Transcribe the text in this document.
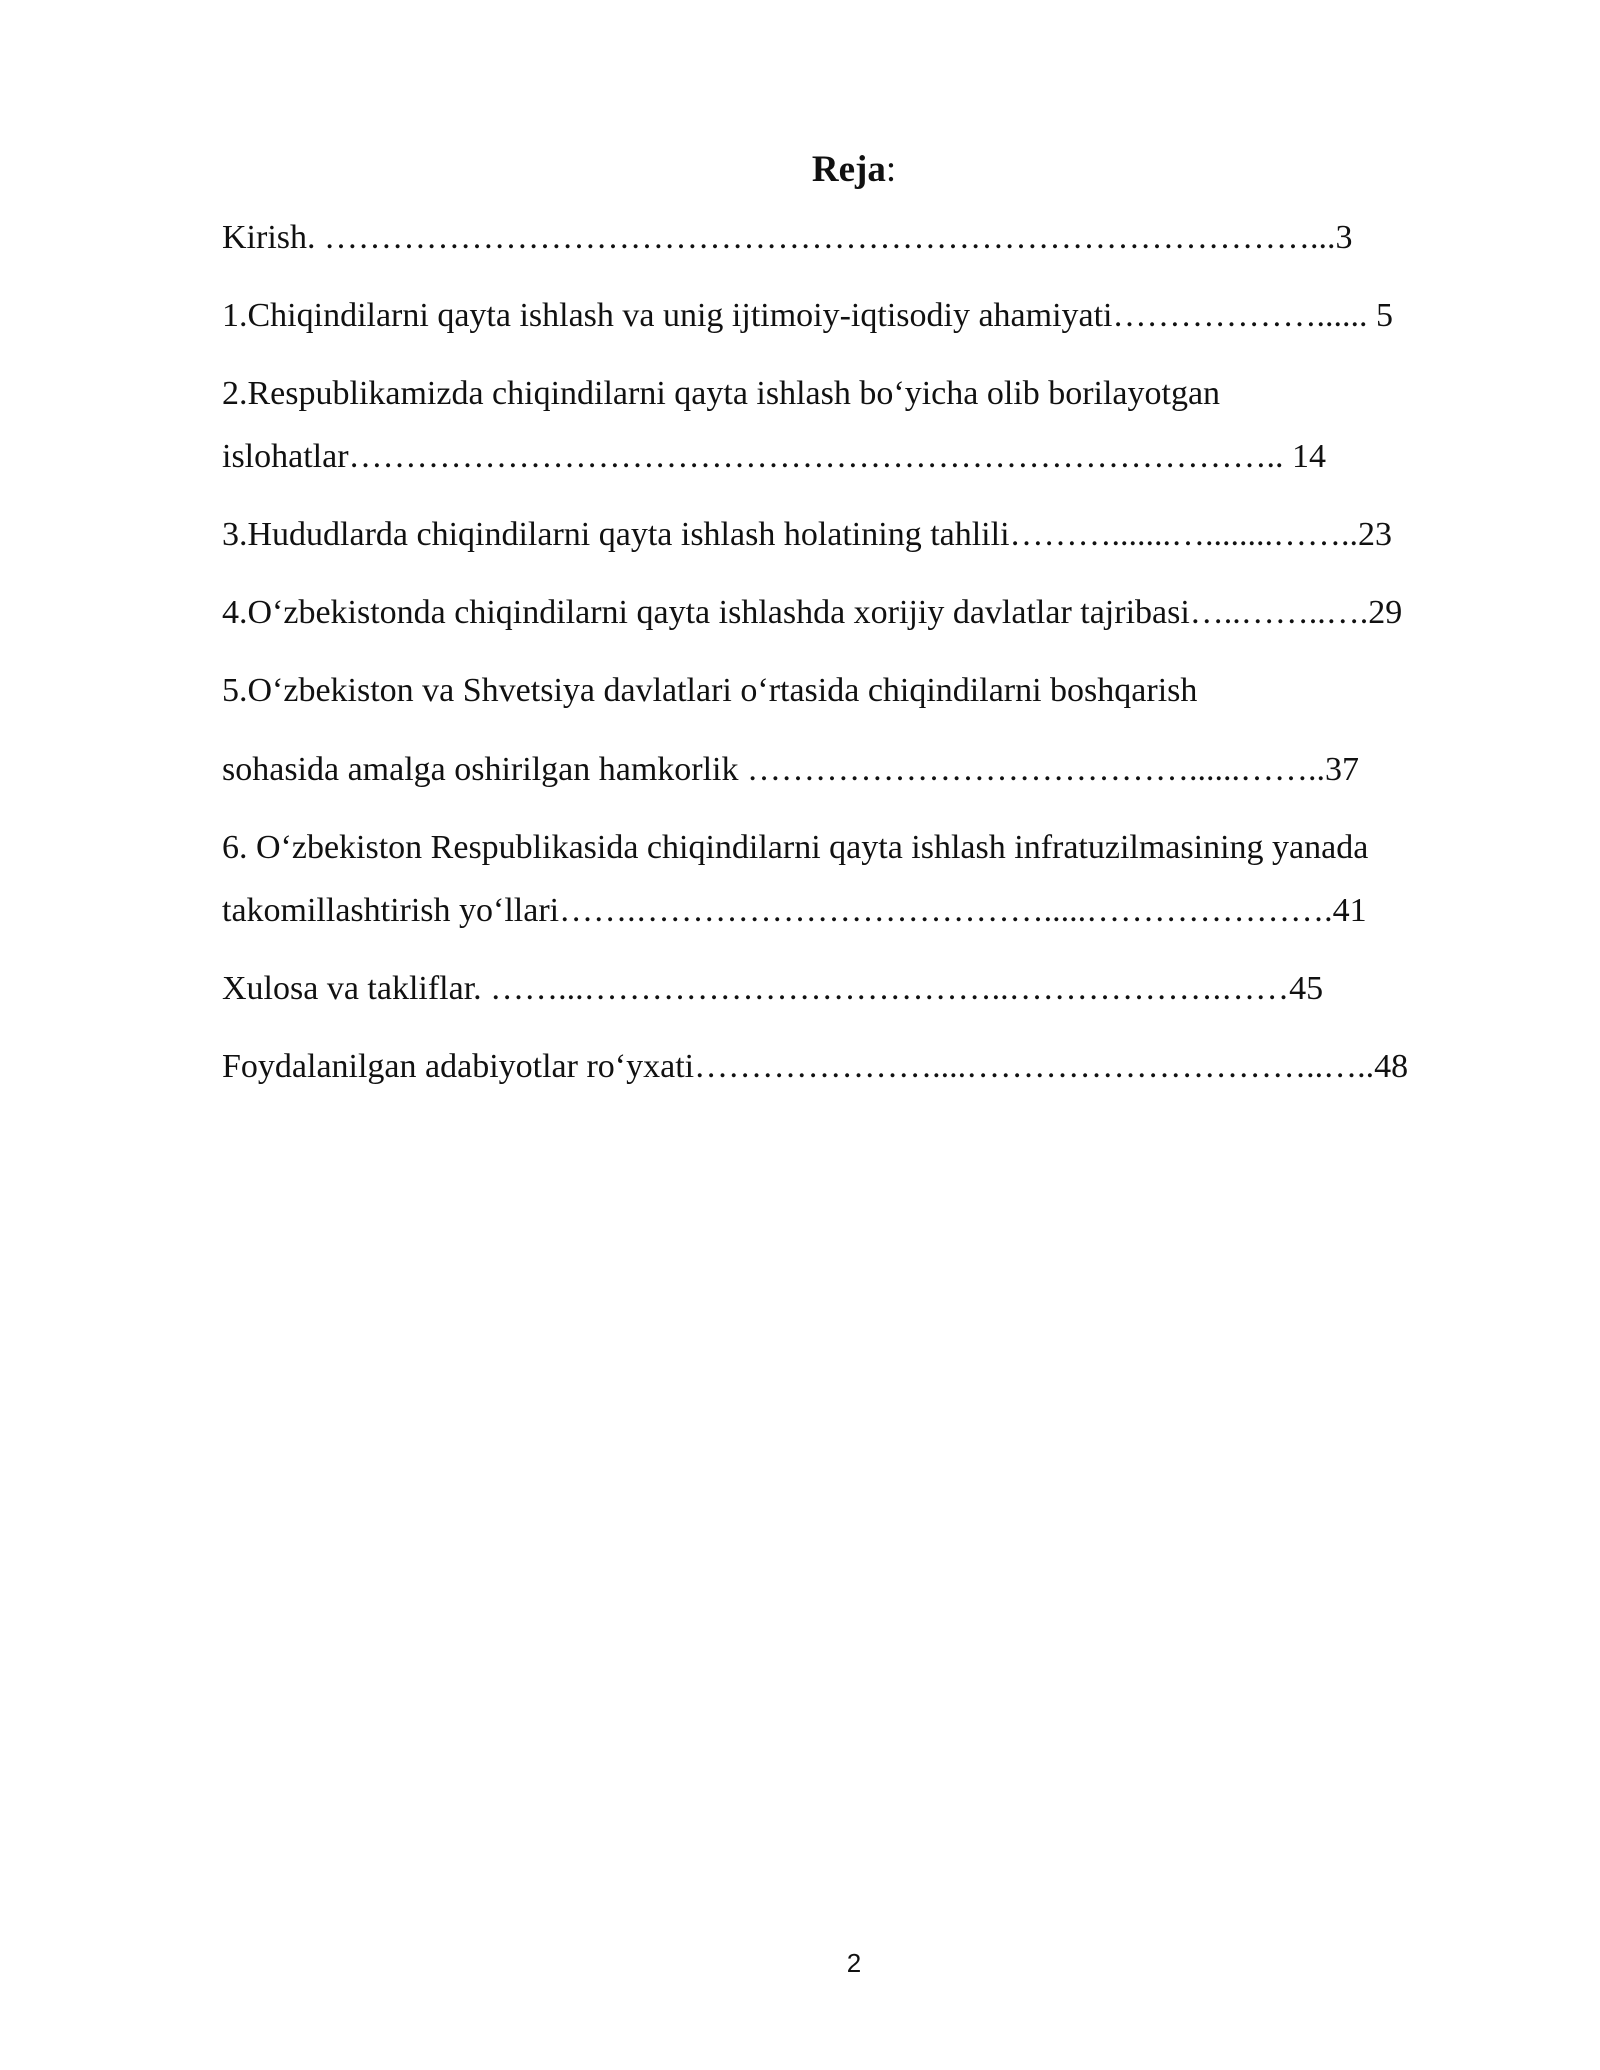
Reja:
Kirish. ……………………………………………………………………………...3
1.Chiqindilarni qayta ishlash va unig ijtimoiy-iqtisodiy ahamiyati………………...... 5
2.Respublikamizda chiqindilarni qayta ishlash bo‘yicha olib borilayotgan
islohatlar……………………………………………………………………….. 14
3.Hududlarda chiqindilarni qayta ishlash holatining tahlili……….......…........……..23
4.O‘zbekistonda chiqindilarni qayta ishlashda xorijiy davlatlar tajribasi…..……..….29
5.O‘zbekiston va Shvetsiya davlatlari o‘rtasida chiqindilarni boshqarish
sohasida amalga oshirilgan hamkorlik …………………………………......……..37
6. O‘zbekiston Respublikasida chiqindilarni qayta ishlash infratuzilmasining yanada
takomillashtirish yo‘llari…….……………………………….....………………….41
Xulosa va takliflar. ……...………………………………..……………….……45
Foydalanilgan adabiyotlar ro‘yxati…………………....…………………………..…..48
2
